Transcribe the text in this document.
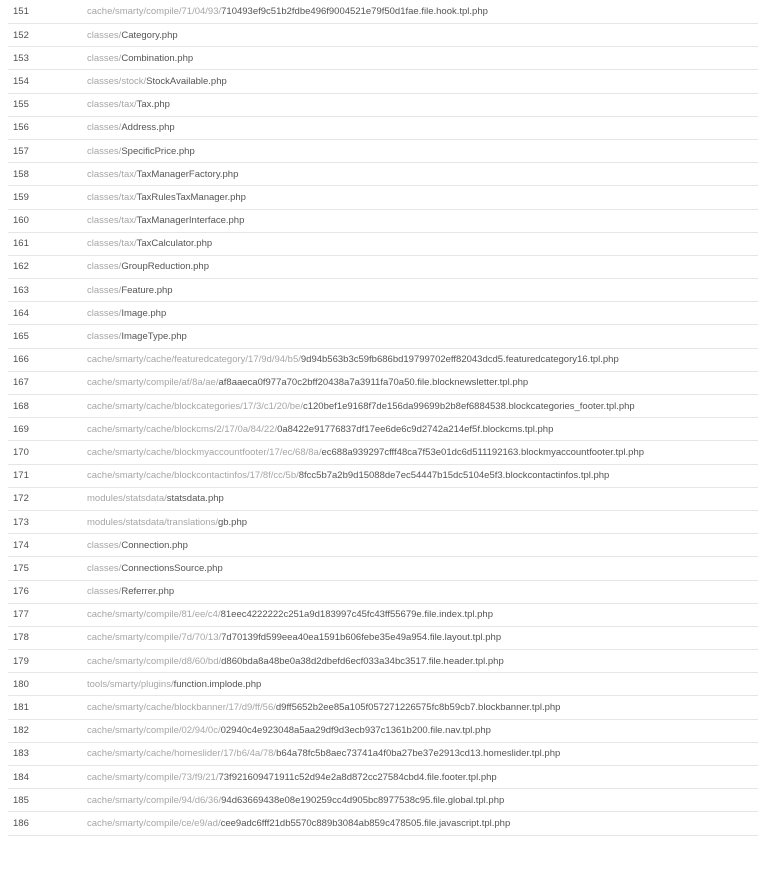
151	cache/smarty/compile/71/04/93/710493ef9c51b2fdbe496f9004521e79f50d1fae.file.hook.tpl.php
152	classes/Category.php
153	classes/Combination.php
154	classes/stock/StockAvailable.php
155	classes/tax/Tax.php
156	classes/Address.php
157	classes/SpecificPrice.php
158	classes/tax/TaxManagerFactory.php
159	classes/tax/TaxRulesTaxManager.php
160	classes/tax/TaxManagerInterface.php
161	classes/tax/TaxCalculator.php
162	classes/GroupReduction.php
163	classes/Feature.php
164	classes/Image.php
165	classes/ImageType.php
166	cache/smarty/cache/featuredcategory/17/9d/94/b5/9d94b563b3c59fb686bd19799702eff82043dcd5.featuredcategory16.tpl.php
167	cache/smarty/compile/af/8a/ae/af8aaeca0f977a70c2bff20438a7a3911fa70a50.file.blocknewsletter.tpl.php
168	cache/smarty/cache/blockcategories/17/3/c1/20/be/c120bef1e9168f7de156da99699b2b8ef6884538.blockcategories_footer.tpl.php
169	cache/smarty/cache/blockcms/2/17/0a/84/22/0a8422e91776837df17ee6de6c9d2742a214ef5f.blockcms.tpl.php
170	cache/smarty/cache/blockmyaccountfooter/17/ec/68/8a/ec688a939297cfff48ca7f53e01dc6d511192163.blockmyaccountfooter.tpl.php
171	cache/smarty/cache/blockcontactinfos/17/8f/cc/5b/8fcc5b7a2b9d15088de7ec54447b15dc5104e5f3.blockcontactinfos.tpl.php
172	modules/statsdata/statsdata.php
173	modules/statsdata/translations/gb.php
174	classes/Connection.php
175	classes/ConnectionsSource.php
176	classes/Referrer.php
177	cache/smarty/compile/81/ee/c4/81eec4222222c251a9d183997c45fc43ff55679e.file.index.tpl.php
178	cache/smarty/compile/7d/70/13/7d70139fd599eea40ea1591b606febe35e49a954.file.layout.tpl.php
179	cache/smarty/compile/d8/60/bd/d860bda8a48be0a38d2dbefd6ecf033a34bc3517.file.header.tpl.php
180	tools/smarty/plugins/function.implode.php
181	cache/smarty/cache/blockbanner/17/d9/ff/56/d9ff5652b2ee85a105f057271226575fc8b59cb7.blockbanner.tpl.php
182	cache/smarty/compile/02/94/0c/02940c4e923048a5aa29df9d3ecb937c1361b200.file.nav.tpl.php
183	cache/smarty/cache/homeslider/17/b6/4a/78/b64a78fc5b8aec73741a4f0ba27be37e2913cd13.homeslider.tpl.php
184	cache/smarty/compile/73/f9/21/73f921609471911c52d94e2a8d872cc27584cbd4.file.footer.tpl.php
185	cache/smarty/compile/94/d6/36/94d63669438e08e190259cc4d905bc8977538c95.file.global.tpl.php
186	cache/smarty/compile/ce/e9/ad/cee9adc6fff21db5570c889b3084ab859c478505.file.javascript.tpl.php
